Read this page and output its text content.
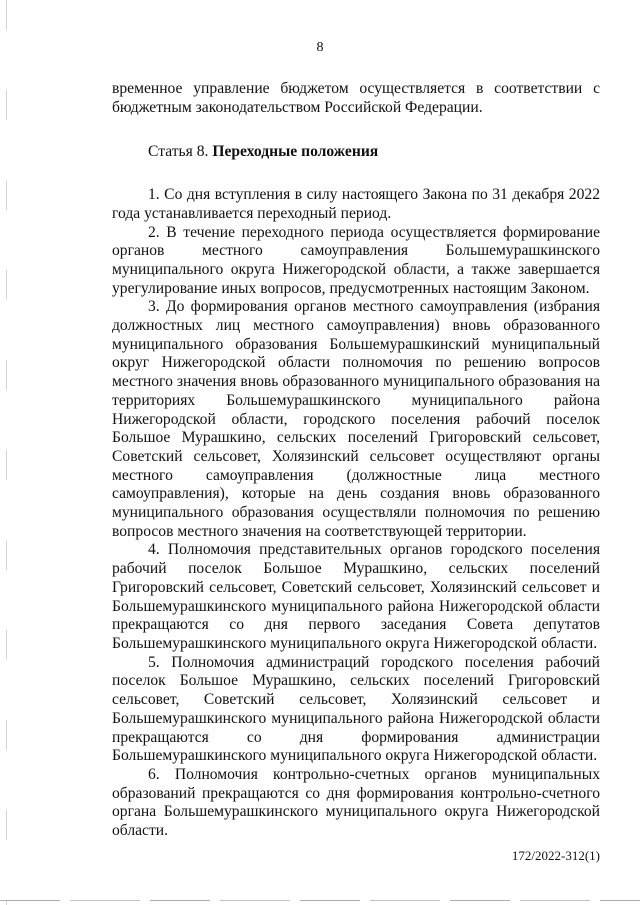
8

временное управление бюджетом осуществляется в соответствии с бюджетным законодательством Российской Федерации.

Статья 8. Переходные положения

1. Со дня вступления в силу настоящего Закона по 31 декабря 2022 года устанавливается переходный период.

2. В течение переходного периода осуществляется формирование органов местного самоуправления Большемурашкинского муниципального округа Нижегородской области, а также завершается урегулирование иных вопросов, предусмотренных настоящим Законом.

3. До формирования органов местного самоуправления (избрания должностных лиц местного самоуправления) вновь образованного муниципального образования Большемурашкинский муниципальный округ Нижегородской области полномочия по решению вопросов местного значения вновь образованного муниципального образования на территориях Большемурашкинского муниципального района Нижегородской области, городского поселения рабочий поселок Большое Мурашкино, сельских поселений Григоровский сельсовет, Советский сельсовет, Холязинский сельсовет осуществляют органы местного самоуправления (должностные лица местного самоуправления), которые на день создания вновь образованного муниципального образования осуществляли полномочия по решению вопросов местного значения на соответствующей территории.

4. Полномочия представительных органов городского поселения рабочий поселок Большое Мурашкино, сельских поселений Григоровский сельсовет, Советский сельсовет, Холязинский сельсовет и Большемурашкинского муниципального района Нижегородской области прекращаются со дня первого заседания Совета депутатов Большемурашкинского муниципального округа Нижегородской области.

5. Полномочия администраций городского поселения рабочий поселок Большое Мурашкино, сельских поселений Григоровский сельсовет, Советский сельсовет, Холязинский сельсовет и Большемурашкинского муниципального района Нижегородской области прекращаются со дня формирования администрации Большемурашкинского муниципального округа Нижегородской области.

6. Полномочия контрольно-счетных органов муниципальных образований прекращаются со дня формирования контрольно-счетного органа Большемурашкинского муниципального округа Нижегородской области.

172/2022-312(1)
